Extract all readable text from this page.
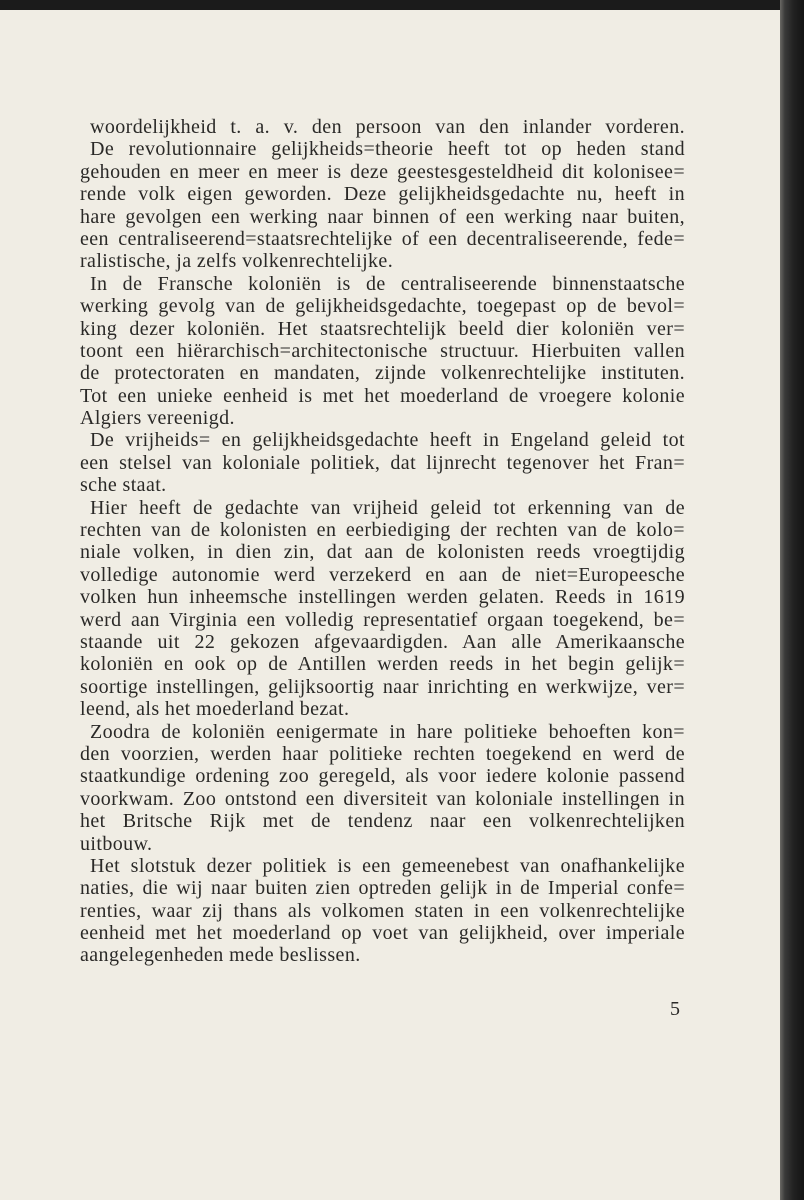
woordelijkheid t. a. v. den persoon van den inlander vorderen.
De revolutionnaire gelijkheids=theorie heeft tot op heden stand
gehouden en meer en meer is deze geestesgesteldheid dit kolonisee=
rende volk eigen geworden. Deze gelijkheidsgedachte nu, heeft in
hare gevolgen een werking naar binnen of een werking naar buiten,
een centraliseerend=staatsrechtelijke of een decentraliseerende, fede=
ralistische, ja zelfs volkenrechtelijke.
In de Fransche koloniën is de centraliseerende binnenstaatsche
werking gevolg van de gelijkheidsgedachte, toegepast op de bevol=
king dezer koloniën. Het staatsrechtelijk beeld dier koloniën ver=
toont een hiërarchisch=architectonische structuur. Hierbuiten vallen
de protectoraten en mandaten, zijnde volkenrechtelijke instituten.
Tot een unieke eenheid is met het moederland de vroegere kolonie
Algiers vereenigd.
De vrijheids= en gelijkheidsgedachte heeft in Engeland geleid tot
een stelsel van koloniale politiek, dat lijnrecht tegenover het Fran=
sche staat.
Hier heeft de gedachte van vrijheid geleid tot erkenning van de
rechten van de kolonisten en eerbiediging der rechten van de kolo=
niale volken, in dien zin, dat aan de kolonisten reeds vroegtijdig
volledige autonomie werd verzekerd en aan de niet=Europeesche
volken hun inheemsche instellingen werden gelaten. Reeds in 1619
werd aan Virginia een volledig representatief orgaan toegekend, be=
staande uit 22 gekozen afgevaardigden. Aan alle Amerikaansche
koloniën en ook op de Antillen werden reeds in het begin gelijk=
soortige instellingen, gelijksoortig naar inrichting en werkwijze, ver=
leend, als het moederland bezat.
Zoodra de koloniën eenigermate in hare politieke behoeften kon=
den voorzien, werden haar politieke rechten toegekend en werd de
staatkundige ordening zoo geregeld, als voor iedere kolonie passend
voorkwam. Zoo ontstond een diversiteit van koloniale instellingen in
het Britsche Rijk met de tendenz naar een volkenrechtelijken
uitbouw.
Het slotstuk dezer politiek is een gemeenebest van onafhankelijke
naties, die wij naar buiten zien optreden gelijk in de Imperial confe=
renties, waar zij thans als volkomen staten in een volkenrechtelijke
eenheid met het moederland op voet van gelijkheid, over imperiale
aangelegenheden mede beslissen.
5
